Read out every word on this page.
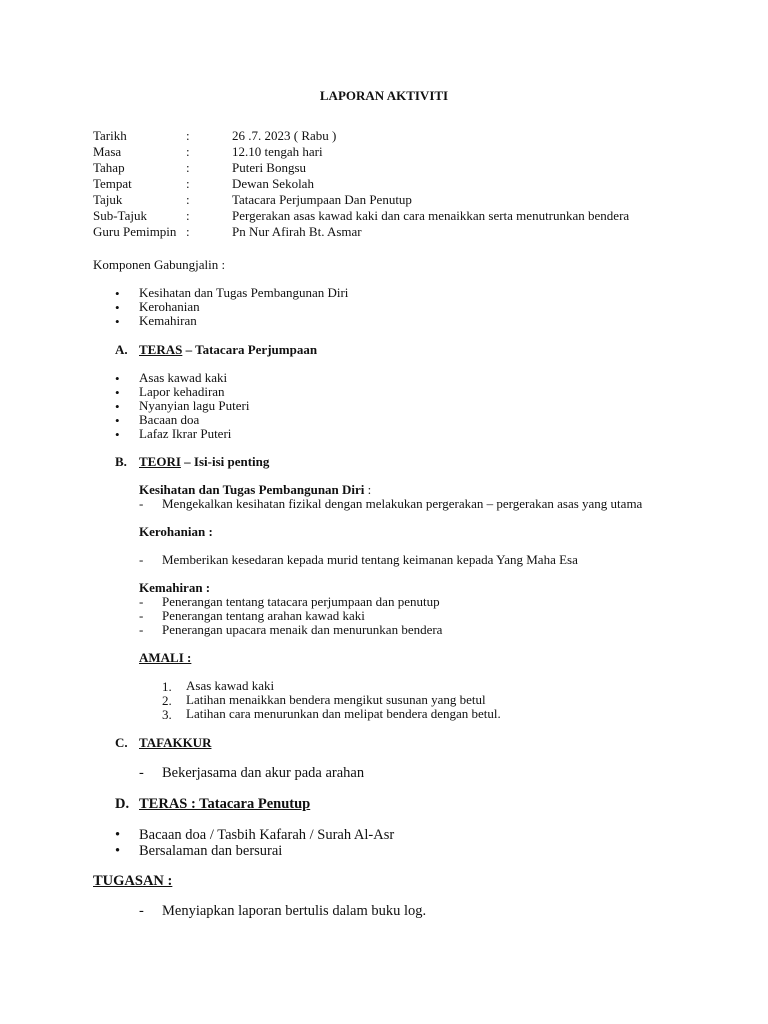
LAPORAN AKTIVITI
Tarikh	:	26 .7. 2023 ( Rabu )
Masa	:	12.10 tengah hari
Tahap	:	Puteri Bongsu
Tempat	:	Dewan Sekolah
Tajuk	:	Tatacara Perjumpaan Dan Penutup
Sub-Tajuk	:	Pergerakan asas kawad kaki dan cara menaikkan serta menutrunkan bendera
Guru Pemimpin :	Pn Nur Afirah Bt. Asmar
Komponen Gabungjalin :
• Kesihatan dan Tugas Pembangunan Diri
• Kerohanian
• Kemahiran
A. TERAS – Tatacara Perjumpaan
• Asas kawad kaki
• Lapor kehadiran
• Nyanyian lagu Puteri
• Bacaan doa
• Lafaz Ikrar Puteri
B. TEORI – Isi-isi penting
Kesihatan dan Tugas Pembangunan Diri :
- Mengekalkan kesihatan fizikal dengan melakukan pergerakan – pergerakan asas yang utama
Kerohanian :
- Memberikan kesedaran kepada murid tentang keimanan kepada Yang Maha Esa
Kemahiran :
- Penerangan tentang tatacara perjumpaan dan penutup
- Penerangan tentang arahan kawad kaki
- Penerangan upacara menaik dan menurunkan bendera
AMALI :
1. Asas kawad kaki
2. Latihan menaikkan bendera mengikut susunan yang betul
3. Latihan cara menurunkan dan melipat bendera dengan betul.
C. TAFAKKUR
- Bekerjasama dan akur pada arahan
D. TERAS : Tatacara Penutup
• Bacaan doa / Tasbih Kafarah / Surah Al-Asr
• Bersalaman dan bersurai
TUGASAN :
- Menyiapkan laporan bertulis dalam buku log.
